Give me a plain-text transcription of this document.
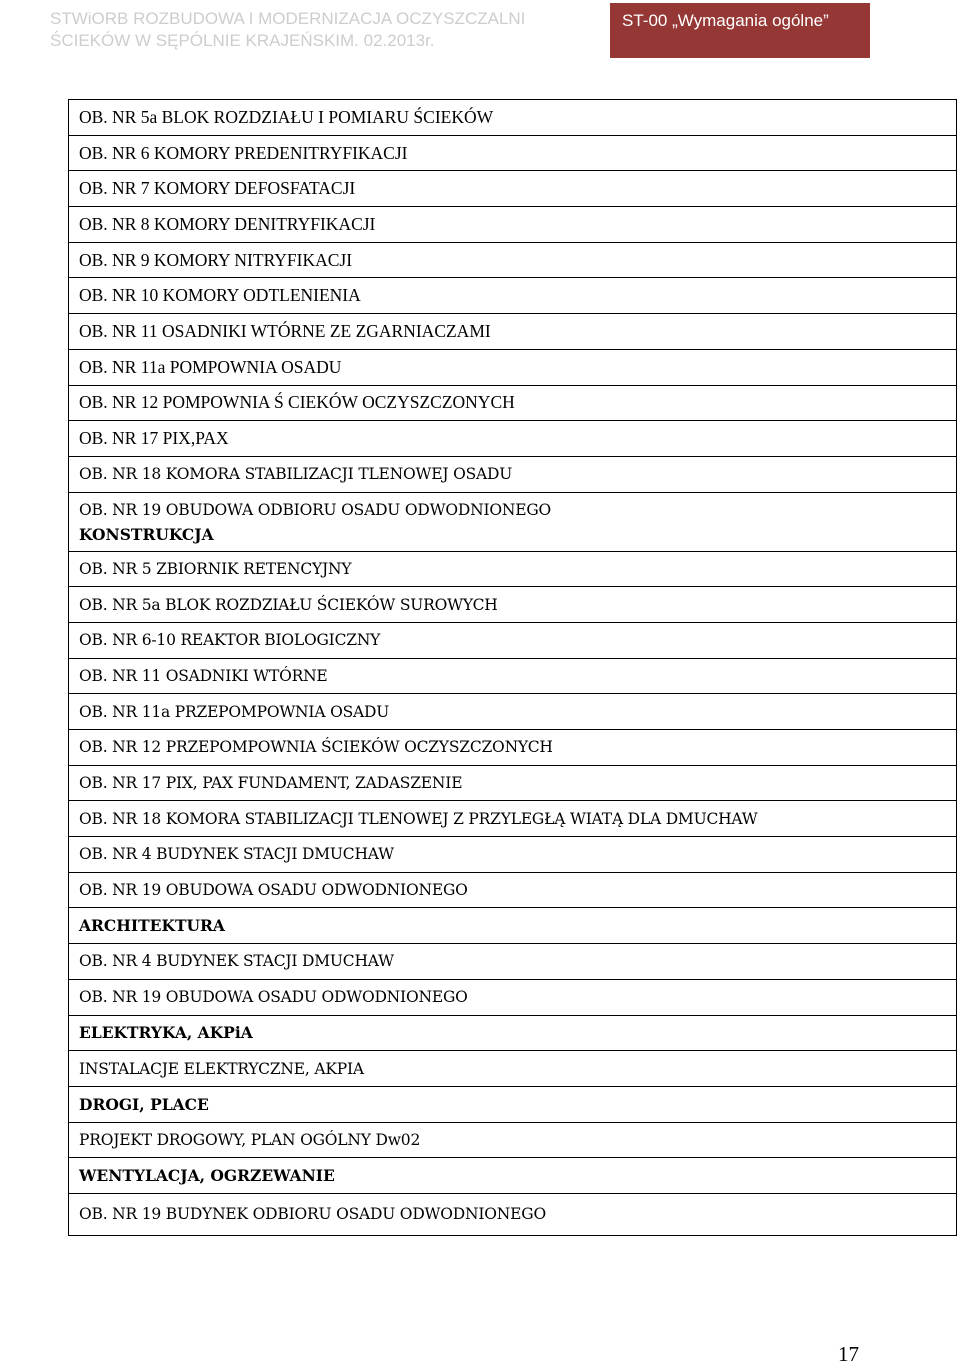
STWiORB ROZBUDOWA I MODERNIZACJA OCZYSZCZALNI
ŚCIEKÓW W SĘPÓLNIE KRAJEŃSKIM. 02.2013r.
ST-00 „Wymagania ogólne”
OB. NR 5a BLOK ROZDZIAŁU I POMIARU ŚCIEKÓW
OB. NR 6 KOMORY PREDENITRYFIKACJI
OB. NR 7 KOMORY DEFOSFATACJI
OB. NR 8 KOMORY DENITRYFIKACJI
OB. NR 9 KOMORY NITRYFIKACJI
OB. NR 10 KOMORY ODTLENIENIA
OB. NR 11 OSADNIKI WTÓRNE ZE ZGARNIACZAMI
OB. NR 11a POMPOWNIA OSADU
OB. NR 12 POMPOWNIA Ś CIEKÓW OCZYSZCZONYCH
OB. NR 17 PIX,PAX
OB. NR 18 KOMORA STABILIZACJI TLENOWEJ OSADU
OB. NR 19 OBUDOWA ODBIORU OSADU ODWODNIONEGO
KONSTRUKCJA
OB. NR 5 ZBIORNIK RETENCYJNY
OB. NR 5a BLOK ROZDZIAŁU ŚCIEKÓW SUROWYCH
OB. NR 6-10 REAKTOR BIOLOGICZNY
OB. NR 11 OSADNIKI WTÓRNE
OB. NR 11a PRZEPOMPOWNIA OSADU
OB. NR 12 PRZEPOMPOWNIA ŚCIEKÓW OCZYSZCZONYCH
OB. NR 17 PIX, PAX FUNDAMENT, ZADASZENIE
OB. NR 18 KOMORA STABILIZACJI TLENOWEJ Z PRZYLEGŁĄ WIATĄ DLA DMUCHAW
OB. NR 4 BUDYNEK STACJI DMUCHAW
OB. NR 19 OBUDOWA OSADU ODWODNIONEGO
ARCHITEKTURA
OB. NR 4 BUDYNEK STACJI DMUCHAW
OB. NR 19 OBUDOWA OSADU ODWODNIONEGO
ELEKTRYKA, AKPiA
INSTALACJE ELEKTRYCZNE, AKPIA
DROGI, PLACE
PROJEKT DROGOWY, PLAN OGÓLNY Dw02
WENTYLACJA, OGRZEWANIE
OB. NR 19 BUDYNEK ODBIORU OSADU ODWODNIONEGO
17
